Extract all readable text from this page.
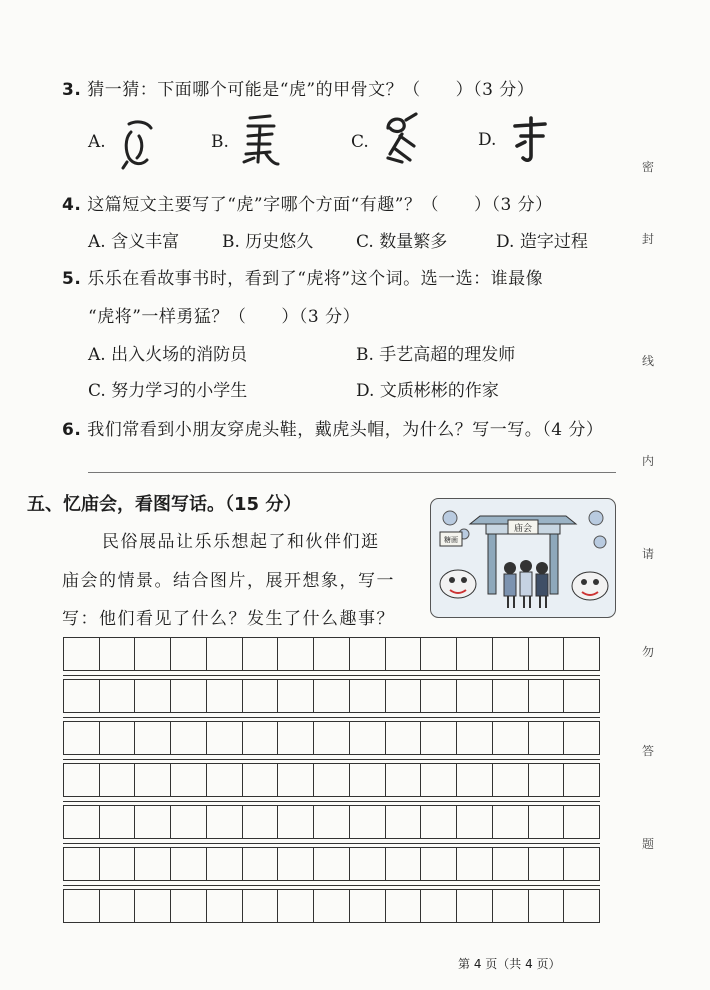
3. 猜一猜：下面哪个可能是“虎”的甲骨文？（　　）（3 分）
A.	B.	C.	D.
4. 这篇短文主要写了“虎”字哪个方面“有趣”？（　　）（3 分）
A. 含义丰富	B. 历史悠久	C. 数量繁多	D. 造字过程
5. 乐乐在看故事书时，看到了“虎将”这个词。选一选：谁最像
“虎将”一样勇猛？（　　）（3 分）
A. 出入火场的消防员	B. 手艺高超的理发师
C. 努力学习的小学生	D. 文质彬彬的作家
6. 我们常看到小朋友穿虎头鞋，戴虎头帽，为什么？写一写。（4 分）
五、忆庙会，看图写话。（15 分）
民俗展品让乐乐想起了和伙伴们逛
庙会的情景。结合图片，展开想象，写一
写：他们看见了什么？发生了什么趣事？
庙会
糖画
密
封
线
内
请
勿
答
题
第 4 页（共 4 页）
